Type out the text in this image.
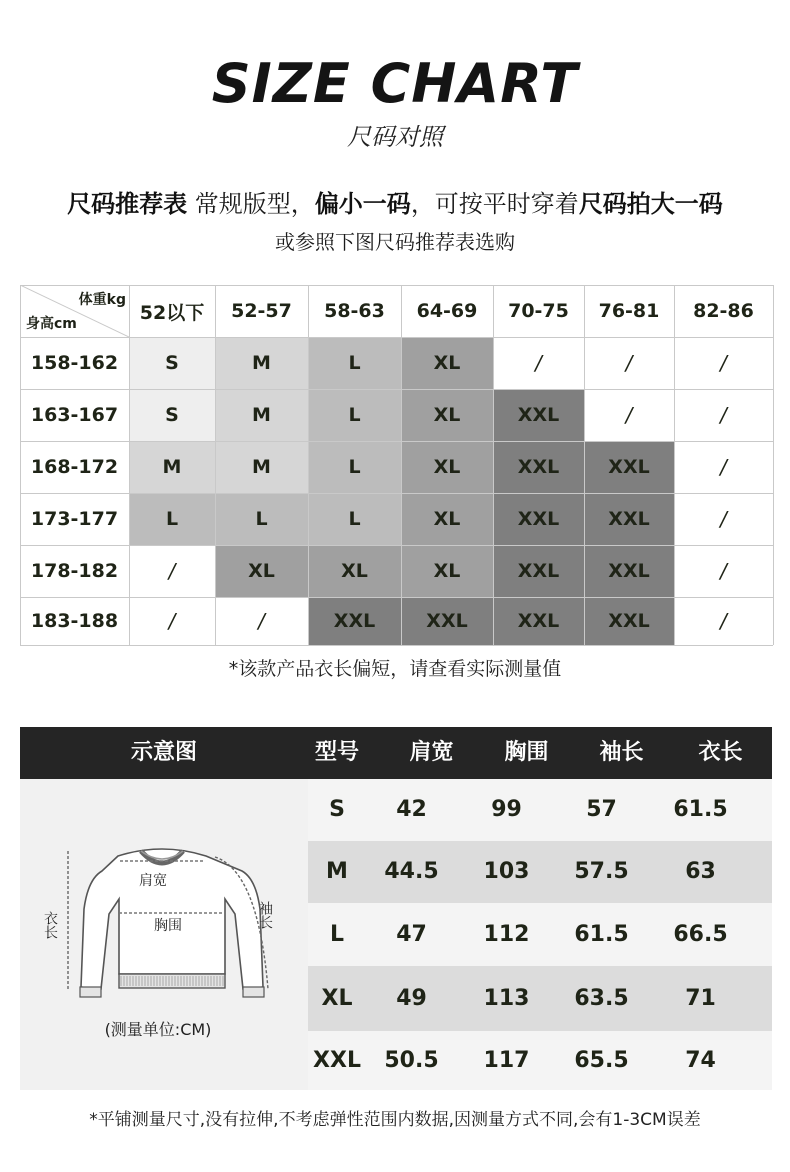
SIZE CHART
尺码对照
尺码推荐表 常规版型，偏小一码，可按平时穿着尺码拍大一码
或参照下图尺码推荐表选购
体重kg
身高cm
52以下	52-57	58-63	64-69	70-75	76-81	82-86
158-162	S	M	L	XL	/	/	/
163-167	S	M	L	XL	XXL	/	/
168-172	M	M	L	XL	XXL	XXL	/
173-177	L	L	L	XL	XXL	XXL	/
178-182	/	XL	XL	XL	XXL	XXL	/
183-188	/	/	XXL	XXL	XXL	XXL	/
*该款产品衣长偏短，请查看实际测量值
示意图	型号	肩宽	胸围	袖长	衣长
肩宽
胸围
衣长	袖长
(测量单位:CM)
S	42	99	57	61.5
M	44.5	103	57.5	63
L	47	112	61.5	66.5
XL	49	113	63.5	71
XXL	50.5	117	65.5	74
*平铺测量尺寸,没有拉伸,不考虑弹性范围内数据,因测量方式不同,会有1-3CM误差
